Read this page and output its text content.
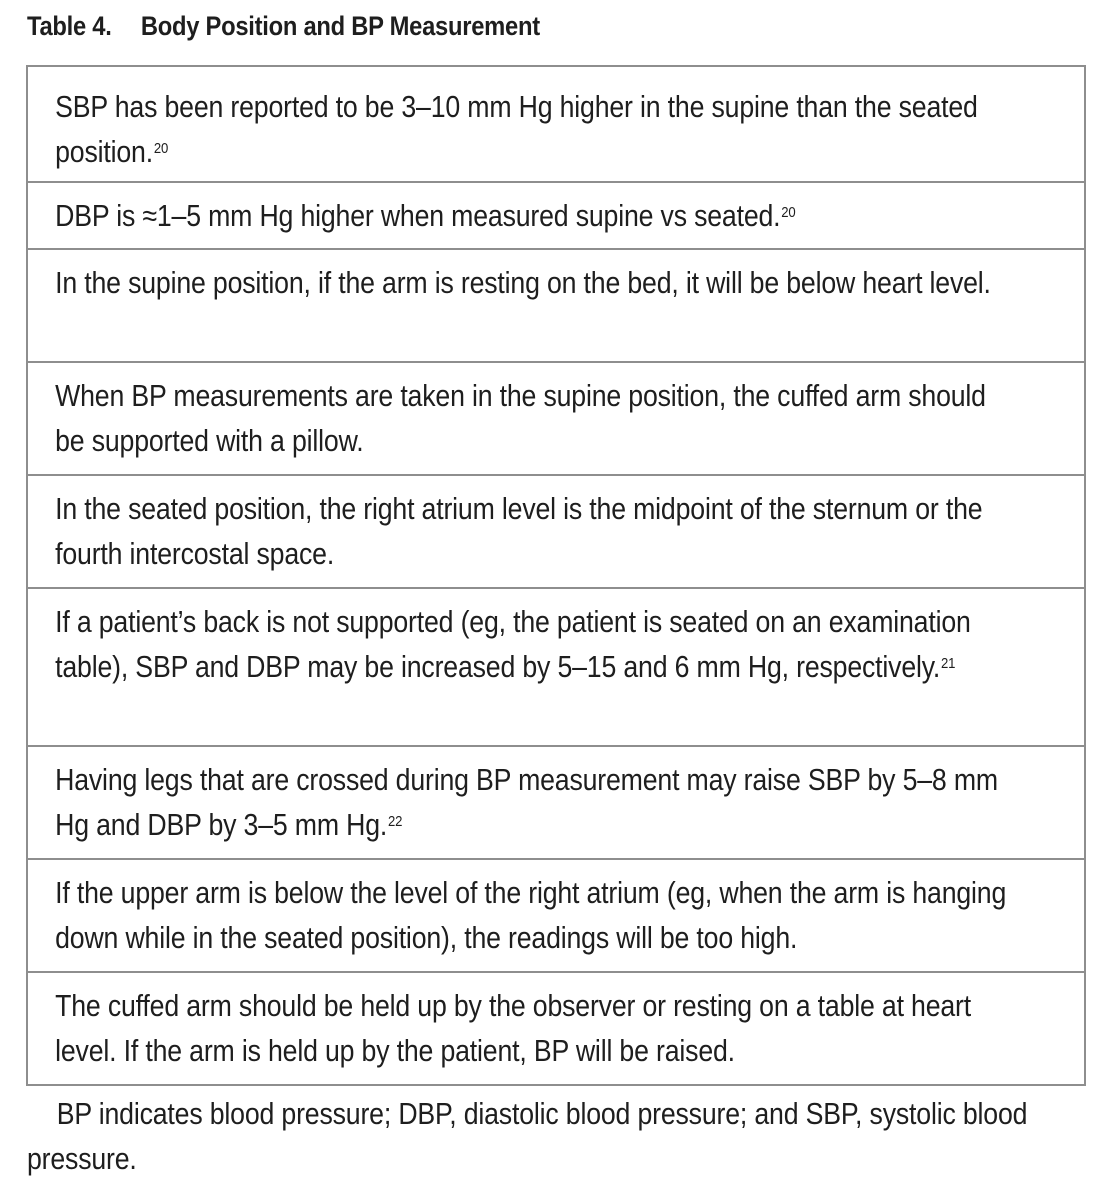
Table 4. Body Position and BP Measurement
SBP has been reported to be 3–10 mm Hg higher in the supine than the seated position.$^{20}$

DBP is ≈1–5 mm Hg higher when measured supine vs seated.$^{20}$

In the supine position, if the arm is resting on the bed, it will be below heart level.

When BP measurements are taken in the supine position, the cuffed arm should be supported with a pillow.

In the seated position, the right atrium level is the midpoint of the sternum or the fourth intercostal space.

If a patient’s back is not supported (eg, the patient is seated on an examination table), SBP and DBP may be increased by 5–15 and 6 mm Hg, respectively.$^{21}$

Having legs that are crossed during BP measurement may raise SBP by 5–8 mm Hg and DBP by 3–5 mm Hg.$^{22}$

If the upper arm is below the level of the right atrium (eg, when the arm is hanging down while in the seated position), the readings will be too high.

The cuffed arm should be held up by the observer or resting on a table at heart level. If the arm is held up by the patient, BP will be raised.
BP indicates blood pressure; DBP, diastolic blood pressure; and SBP, systolic blood pressure.
